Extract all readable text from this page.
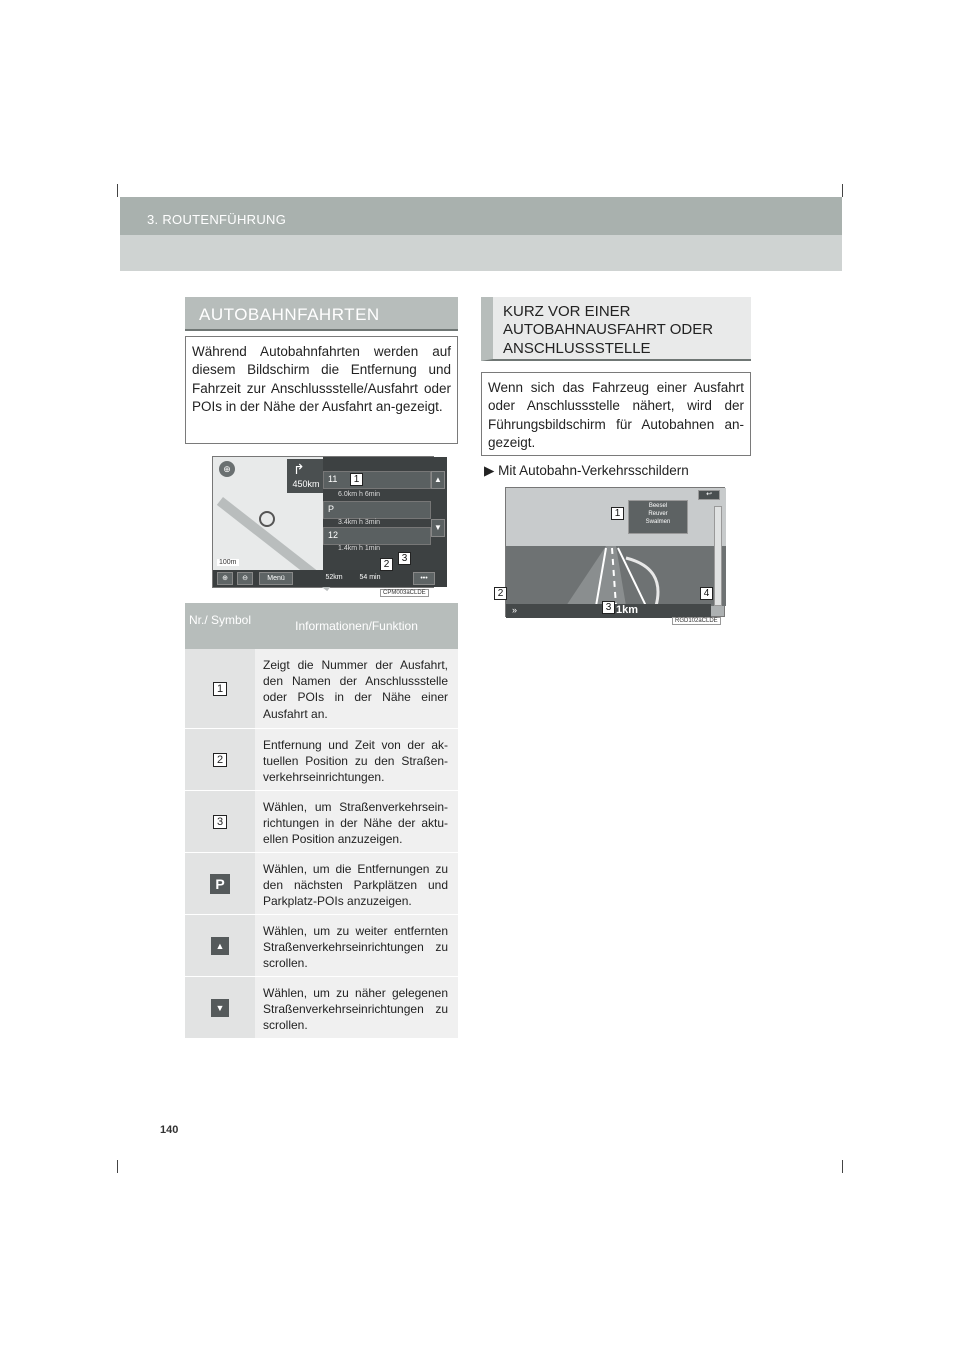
3. ROUTENFÜHRUNG
AUTOBAHNFAHRTEN
Während Autobahnfahrten werden auf diesem Bildschirm die Entfernung und Fahrzeit zur Anschlussstelle/Ausfahrt oder POIs in der Nähe der Ausfahrt an-gezeigt.
⊕	↱
450km 11
6.0km h 6min
P
3.4km h 3min
12
1.4km h 1min
▲
▼
100m
⊕	⊖	Menü	52km	54 min	•••
1
2
3
CPM003aCLDE
Nr./ Symbol	Informationen/Funktion
1
Zeigt die Nummer der Ausfahrt, den Namen der Anschlussstelle oder POIs in der Nähe einer Ausfahrt an.
2
Entfernung und Zeit von der ak-tuellen Position zu den Straßen-verkehrseinrichtungen.
3
Wählen, um Straßenverkehrsein-richtungen in der Nähe der aktu-ellen Position anzuzeigen.
P
Wählen, um die Entfernungen zu den nächsten Parkplätzen und Parkplatz-POIs anzuzeigen.
▲
Wählen, um zu weiter entfernten Straßenverkehrseinrichtungen zu scrollen.
▼
Wählen, um zu näher gelegenen Straßenverkehrseinrichtungen zu scrollen.
KURZ VOR EINER AUTOBAHNAUSFAHRT ODER ANSCHLUSSSTELLE
Wenn sich das Fahrzeug einer Ausfahrt oder Anschlussstelle nähert, wird der Führungsbildschirm für Autobahnen an-gezeigt.
▶ Mit Autobahn-Verkehrsschildern
Beesel
Reuver
Swalmen
↩
»	1km
1
2
3
4
RGD102aCLDE
140
